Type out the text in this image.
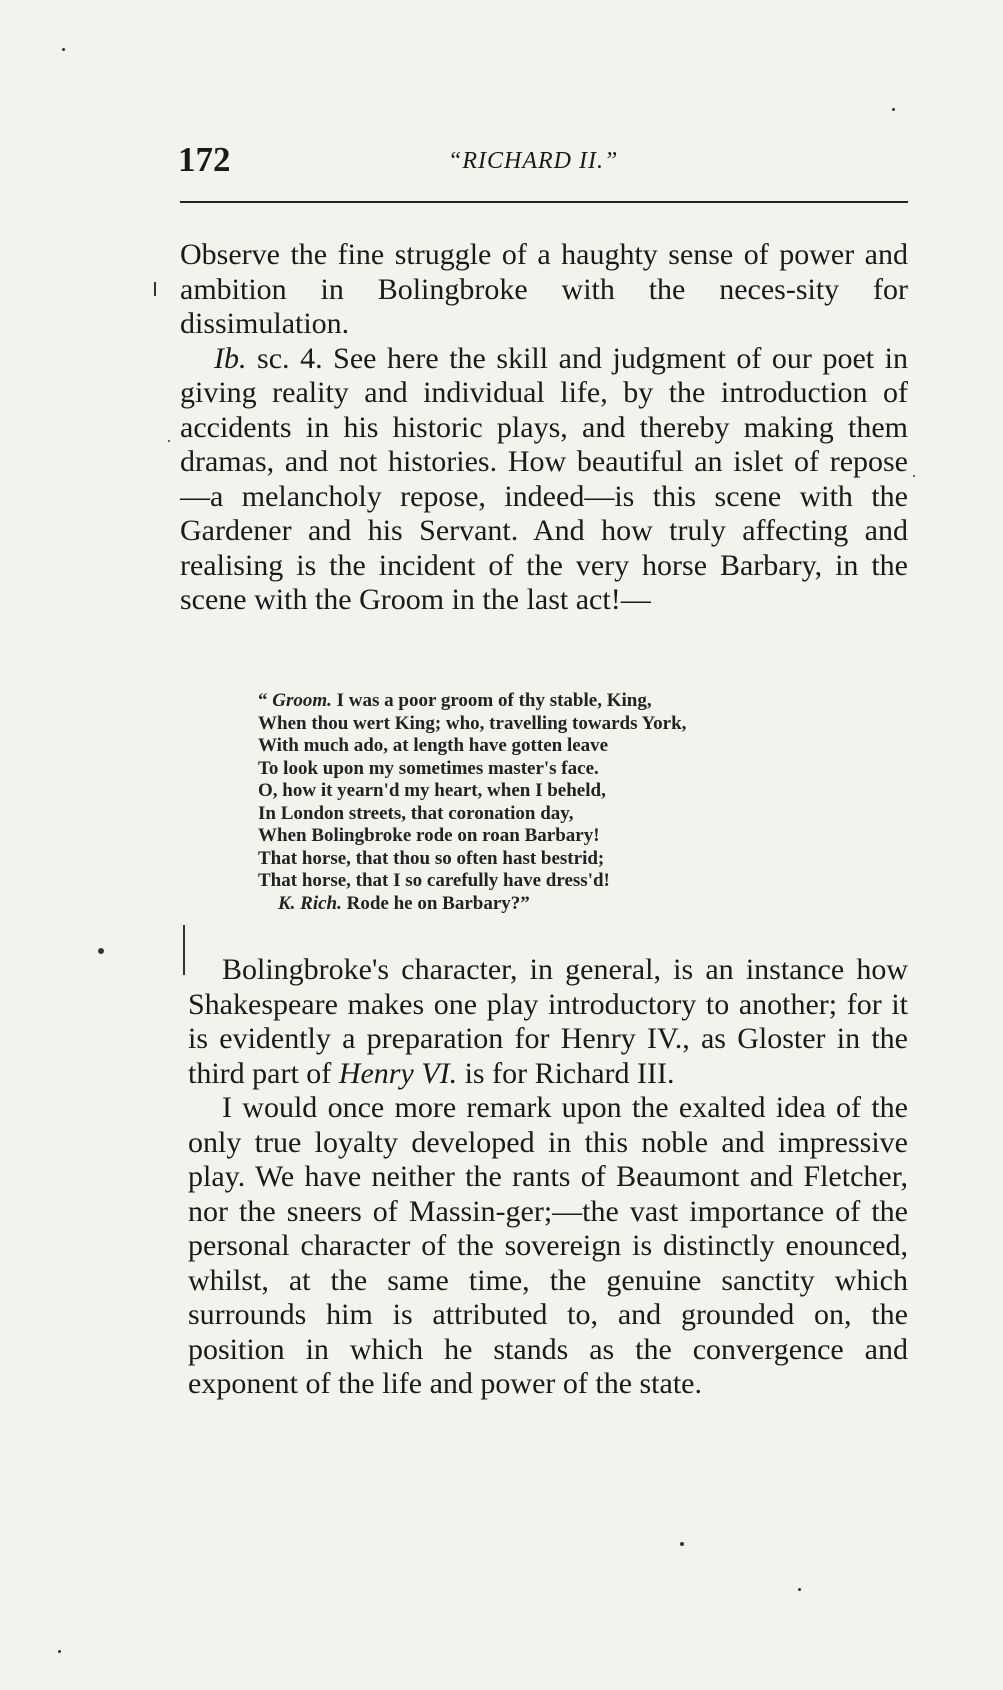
172	“RICHARD II.”

Observe the fine struggle of a haughty sense of power and ambition in Bolingbroke with the neces-sity for dissimulation.

Ib. sc. 4. See here the skill and judgment of our poet in giving reality and individual life, by the introduction of accidents in his historic plays, and thereby making them dramas, and not histories. How beautiful an islet of repose—a melancholy repose, indeed—is this scene with the Gardener and his Servant. And how truly affecting and realising is the incident of the very horse Barbary, in the scene with the Groom in the last act!—

“ Groom. I was a poor groom of thy stable, King,
When thou wert King; who, travelling towards York,
With much ado, at length have gotten leave
To look upon my sometimes master's face.
O, how it yearn'd my heart, when I beheld,
In London streets, that coronation day,
When Bolingbroke rode on roan Barbary!
That horse, that thou so often hast bestrid;
That horse, that I so carefully have dress'd!
K. Rich. Rode he on Barbary?”

Bolingbroke's character, in general, is an instance how Shakespeare makes one play introductory to another; for it is evidently a preparation for Henry IV., as Gloster in the third part of Henry VI. is for Richard III.

I would once more remark upon the exalted idea of the only true loyalty developed in this noble and impressive play. We have neither the rants of Beaumont and Fletcher, nor the sneers of Massin-ger;—the vast importance of the personal character of the sovereign is distinctly enounced, whilst, at the same time, the genuine sanctity which surrounds him is attributed to, and grounded on, the position in which he stands as the convergence and exponent of the life and power of the state.
